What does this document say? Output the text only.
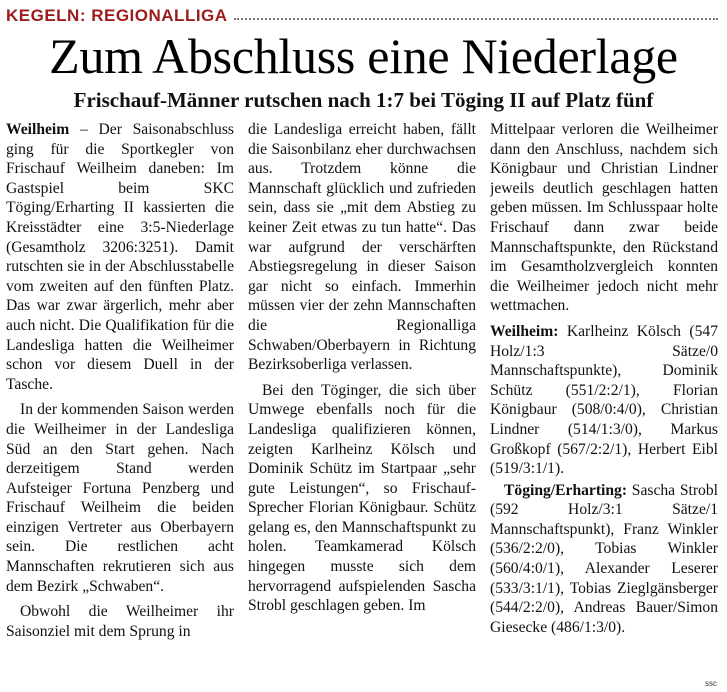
KEGELN: REGIONALLIGA
Zum Abschluss eine Niederlage
Frischauf-Männer rutschen nach 1:7 bei Töging II auf Platz fünf

Weilheim – Der Saisonabschluss ging für die Sportkegler von Frischauf Weilheim daneben: Im Gastspiel beim SKC Töging/Erharting II kassierten die Kreisstädter eine 3:5-Niederlage (Gesamtholz 3206:3251). Damit rutschten sie in der Abschlusstabelle vom zweiten auf den fünften Platz. Das war zwar ärgerlich, mehr aber auch nicht. Die Qualifikation für die Landesliga hatten die Weilheimer schon vor diesem Duell in der Tasche.

In der kommenden Saison werden die Weilheimer in der Landesliga Süd an den Start gehen. Nach derzeitigem Stand werden Aufsteiger Fortuna Penzberg und Frischauf Weilheim die beiden einzigen Vertreter aus Oberbayern sein. Die restlichen acht Mannschaften rekrutieren sich aus dem Bezirk „Schwaben“.

Obwohl die Weilheimer ihr Saisonziel mit dem Sprung in

die Landesliga erreicht haben, fällt die Saisonbilanz eher durchwachsen aus. Trotzdem könne die Mannschaft glücklich und zufrieden sein, dass sie „mit dem Abstieg zu keiner Zeit etwas zu tun hatte“. Das war aufgrund der verschärften Abstiegsregelung in dieser Saison gar nicht so einfach. Immerhin müssen vier der zehn Mannschaften die Regionalliga Schwaben/Oberbayern in Richtung Bezirksoberliga verlassen.

Bei den Töginger, die sich über Umwege ebenfalls noch für die Landesliga qualifizieren können, zeigten Karlheinz Kölsch und Dominik Schütz im Startpaar „sehr gute Leistungen“, so Frischauf-Sprecher Florian Königbaur. Schütz gelang es, den Mannschaftspunkt zu holen. Teamkamerad Kölsch hingegen musste sich dem hervorragend aufspielenden Sascha Strobl geschlagen geben. Im

Mittelpaar verloren die Weilheimer dann den Anschluss, nachdem sich Königbaur und Christian Lindner jeweils deutlich geschlagen hatten geben müssen. Im Schlusspaar holte Frischauf dann zwar beide Mannschaftspunkte, den Rückstand im Gesamtholzvergleich konnten die Weilheimer jedoch nicht mehr wettmachen.

Weilheim: Karlheinz Kölsch (547 Holz/1:3 Sätze/0 Mannschaftspunkte), Dominik Schütz (551/2:2/1), Florian Königbaur (508/0:4/0), Christian Lindner (514/1:3/0), Markus Großkopf (567/2:2/1), Herbert Eibl (519/3:1/1).

Töging/Erharting: Sascha Strobl (592 Holz/3:1 Sätze/1 Mannschaftspunkt), Franz Winkler (536/2:2/0), Tobias Winkler (560/4:0/1), Alexander Leserer (533/3:1/1), Tobias Zieglgänsberger (544/2:2/0), Andreas Bauer/Simon Giesecke (486/1:3/0).

ssc
